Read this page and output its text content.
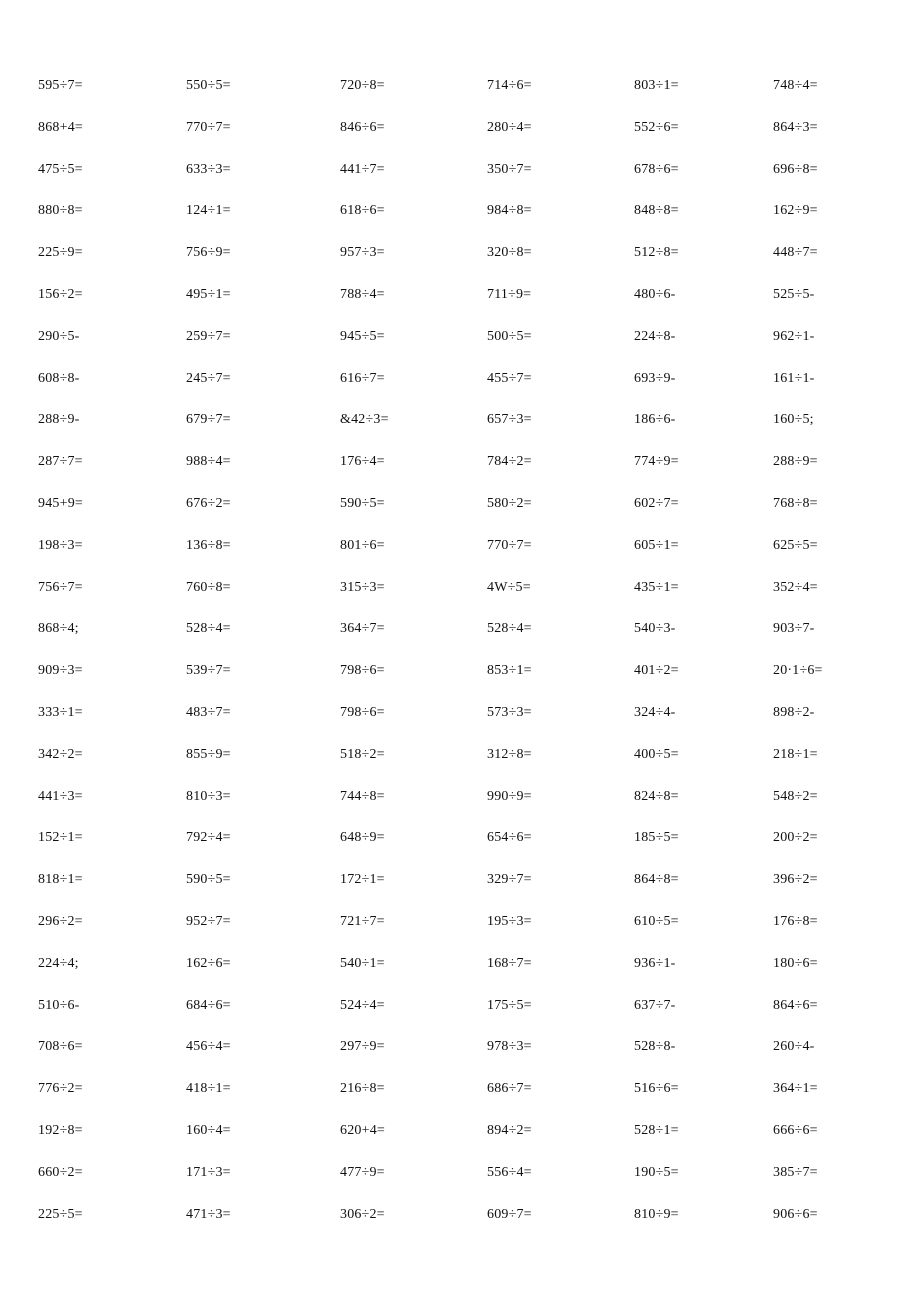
595÷7=	550÷5=	720÷8=	714÷6=	803÷1=	748÷4=
868+4=	770÷7=	846÷6=	280÷4=	552÷6=	864÷3=
475÷5=	633÷3=	441÷7=	350÷7=	678÷6=	696÷8=
880÷8=	124÷1=	618÷6=	984÷8=	848÷8=	162÷9=
225÷9=	756÷9=	957÷3=	320÷8=	512÷8=	448÷7=
156÷2=	495÷1=	788÷4=	711÷9=	480÷6-	525÷5-
290÷5-	259÷7=	945÷5=	500÷5=	224÷8-	962÷1-
608÷8-	245÷7=	616÷7=	455÷7=	693÷9-	161÷1-
288÷9-	679÷7=	&42÷3=	657÷3=	186÷6-	160÷5;
287÷7=	988÷4=	176÷4=	784÷2=	774÷9=	288÷9=
945+9=	676÷2=	590÷5=	580÷2=	602÷7=	768÷8=
198÷3=	136÷8=	801÷6=	770÷7=	605÷1=	625÷5=
756÷7=	760÷8=	315÷3=	4W÷5=	435÷1=	352÷4=
868÷4;	528÷4=	364÷7=	528÷4=	540÷3-	903÷7-
909÷3=	539÷7=	798÷6=	853÷1=	401÷2=	20·1÷6=
333÷1=	483÷7=	798÷6=	573÷3=	324÷4-	898÷2-
342÷2=	855÷9=	518÷2=	312÷8=	400÷5=	218÷1=
441÷3=	810÷3=	744÷8=	990÷9=	824÷8=	548÷2=
152÷1=	792÷4=	648÷9=	654÷6=	185÷5=	200÷2=
818÷1=	590÷5=	172÷1=	329÷7=	864÷8=	396÷2=
296÷2=	952÷7=	721÷7=	195÷3=	610÷5=	176÷8=
224÷4;	162÷6=	540÷1=	168÷7=	936÷1-	180÷6=
510÷6-	684÷6=	524÷4=	175÷5=	637÷7-	864÷6=
708÷6=	456÷4=	297÷9=	978÷3=	528÷8-	260÷4-
776÷2=	418÷1=	216÷8=	686÷7=	516÷6=	364÷1=
192÷8=	160÷4=	620+4=	894÷2=	528÷1=	666÷6=
660÷2=	171÷3=	477÷9=	556÷4=	190÷5=	385÷7=
225÷5=	471÷3=	306÷2=	609÷7=	810÷9=	906÷6=
